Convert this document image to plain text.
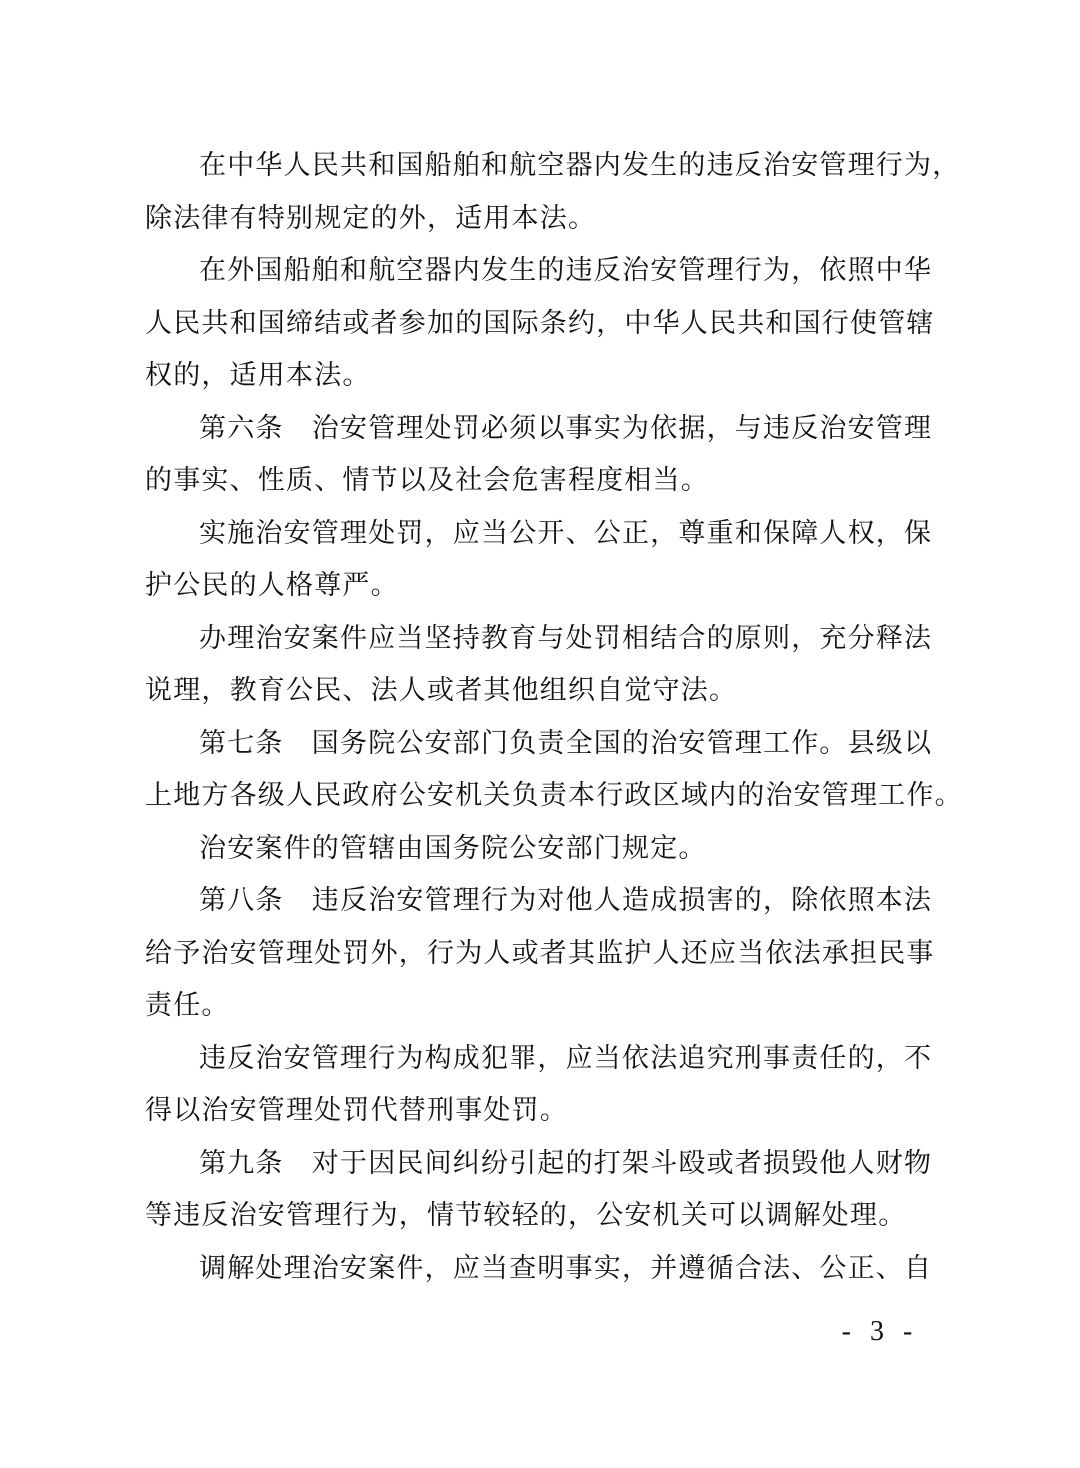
在中华人民共和国船舶和航空器内发生的违反治安管理行为，
除法律有特别规定的外，适用本法。

在外国船舶和航空器内发生的违反治安管理行为，依照中华
人民共和国缔结或者参加的国际条约，中华人民共和国行使管辖
权的，适用本法。

第六条　治安管理处罚必须以事实为依据，与违反治安管理
的事实、性质、情节以及社会危害程度相当。

实施治安管理处罚，应当公开、公正，尊重和保障人权，保
护公民的人格尊严。

办理治安案件应当坚持教育与处罚相结合的原则，充分释法
说理，教育公民、法人或者其他组织自觉守法。

第七条　国务院公安部门负责全国的治安管理工作。县级以
上地方各级人民政府公安机关负责本行政区域内的治安管理工作。

治安案件的管辖由国务院公安部门规定。

第八条　违反治安管理行为对他人造成损害的，除依照本法
给予治安管理处罚外，行为人或者其监护人还应当依法承担民事
责任。

违反治安管理行为构成犯罪，应当依法追究刑事责任的，不
得以治安管理处罚代替刑事处罚。

第九条　对于因民间纠纷引起的打架斗殴或者损毁他人财物
等违反治安管理行为，情节较轻的，公安机关可以调解处理。

调解处理治安案件，应当查明事实，并遵循合法、公正、自

- 3 -
